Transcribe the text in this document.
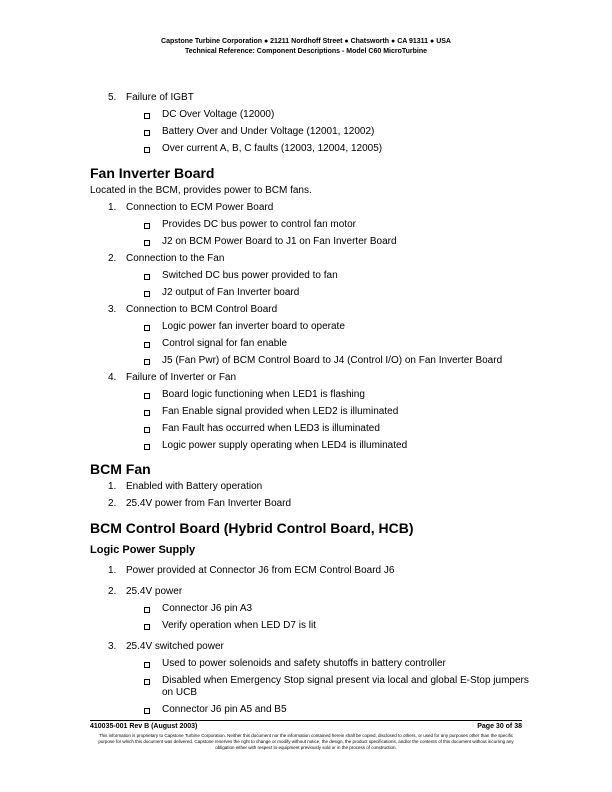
Capstone Turbine Corporation ● 21211 Nordhoff Street ● Chatsworth ● CA 91311 ● USA
Technical Reference: Component Descriptions - Model C60 MicroTurbine
5. Failure of IGBT
DC Over Voltage (12000)
Battery Over and Under Voltage (12001, 12002)
Over current A, B, C faults (12003, 12004, 12005)
Fan Inverter Board
Located in the BCM, provides power to BCM fans.
1. Connection to ECM Power Board
Provides DC bus power to control fan motor
J2 on BCM Power Board to J1 on Fan Inverter Board
2. Connection to the Fan
Switched DC bus power provided to fan
J2 output of Fan Inverter board
3. Connection to BCM Control Board
Logic power fan inverter board to operate
Control signal for fan enable
J5 (Fan Pwr) of BCM Control Board to J4 (Control I/O) on Fan Inverter Board
4. Failure of Inverter or Fan
Board logic functioning when LED1 is flashing
Fan Enable signal provided when LED2 is illuminated
Fan Fault has occurred when LED3 is illuminated
Logic power supply operating when LED4 is illuminated
BCM Fan
1. Enabled with Battery operation
2. 25.4V power from Fan Inverter Board
BCM Control Board (Hybrid Control Board, HCB)
Logic Power Supply
1. Power provided at Connector J6 from ECM Control Board J6
2. 25.4V power
Connector J6 pin A3
Verify operation when LED D7 is lit
3. 25.4V switched power
Used to power solenoids and safety shutoffs in battery controller
Disabled when Emergency Stop signal present via local and global E-Stop jumpers on UCB
Connector J6 pin A5 and B5
410035-001 Rev B (August 2003)	Page 30 of 38
This information is proprietary to Capstone Turbine Corporation. Neither this document nor the information contained herein shall be copied, disclosed to others, or used for any purposes other than the specific purpose for which this document was delivered. Capstone reserves the right to change or modify without notice, the design, the product specifications, and/or the contents of this document without incurring any obligation either with respect to equipment previously sold or in the process of construction.
